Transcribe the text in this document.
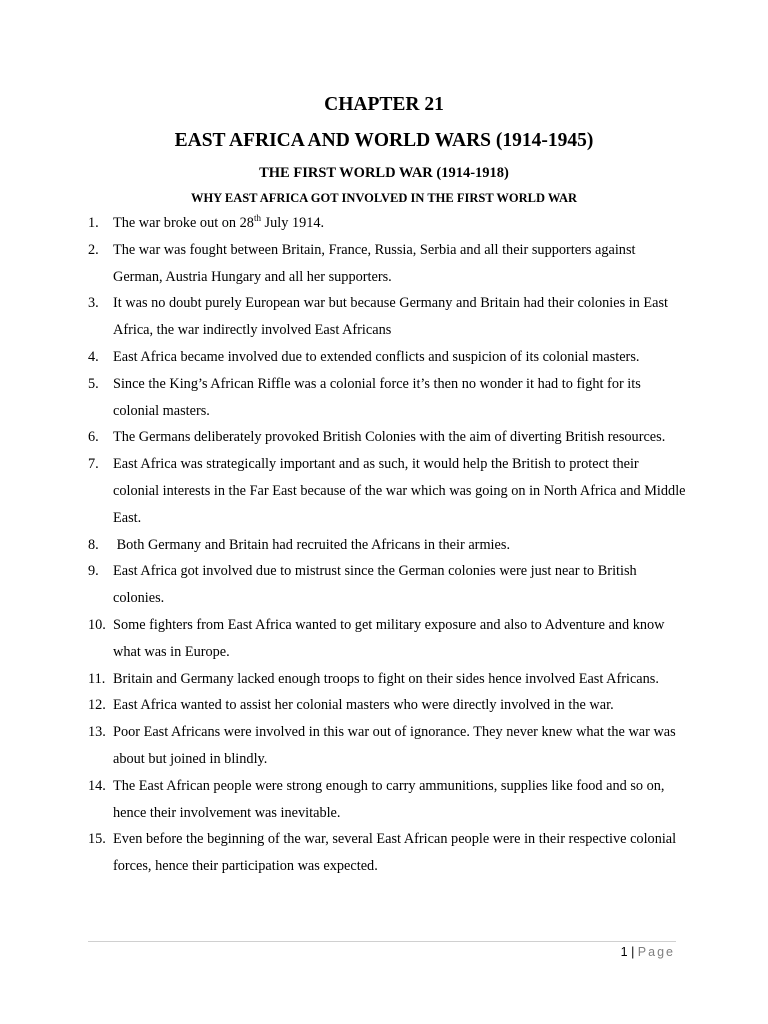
CHAPTER 21
EAST AFRICA AND WORLD WARS (1914-1945)
THE FIRST WORLD WAR (1914-1918)
WHY EAST AFRICA GOT INVOLVED IN THE FIRST WORLD WAR
1. The war broke out on 28th July 1914.
2. The war was fought between Britain, France, Russia, Serbia and all their supporters against German, Austria Hungary and all her supporters.
3. It was no doubt purely European war but because Germany and Britain had their colonies in East Africa, the war indirectly involved East Africans
4. East Africa became involved due to extended conflicts and suspicion of its colonial masters.
5. Since the King’s African Riffle was a colonial force it’s then no wonder it had to fight for its colonial masters.
6. The Germans deliberately provoked British Colonies with the aim of diverting British resources.
7. East Africa was strategically important and as such, it would help the British to protect their colonial interests in the Far East because of the war which was going on in North Africa and Middle East.
8. Both Germany and Britain had recruited the Africans in their armies.
9. East Africa got involved due to mistrust since the German colonies were just near to British colonies.
10. Some fighters from East Africa wanted to get military exposure and also to Adventure and know what was in Europe.
11. Britain and Germany lacked enough troops to fight on their sides hence involved East Africans.
12. East Africa wanted to assist her colonial masters who were directly involved in the war.
13. Poor East Africans were involved in this war out of ignorance. They never knew what the war was about but joined in blindly.
14. The East African people were strong enough to carry ammunitions, supplies like food and so on, hence their involvement was inevitable.
15. Even before the beginning of the war, several East African people were in their respective colonial forces, hence their participation was expected.
1 | Page
